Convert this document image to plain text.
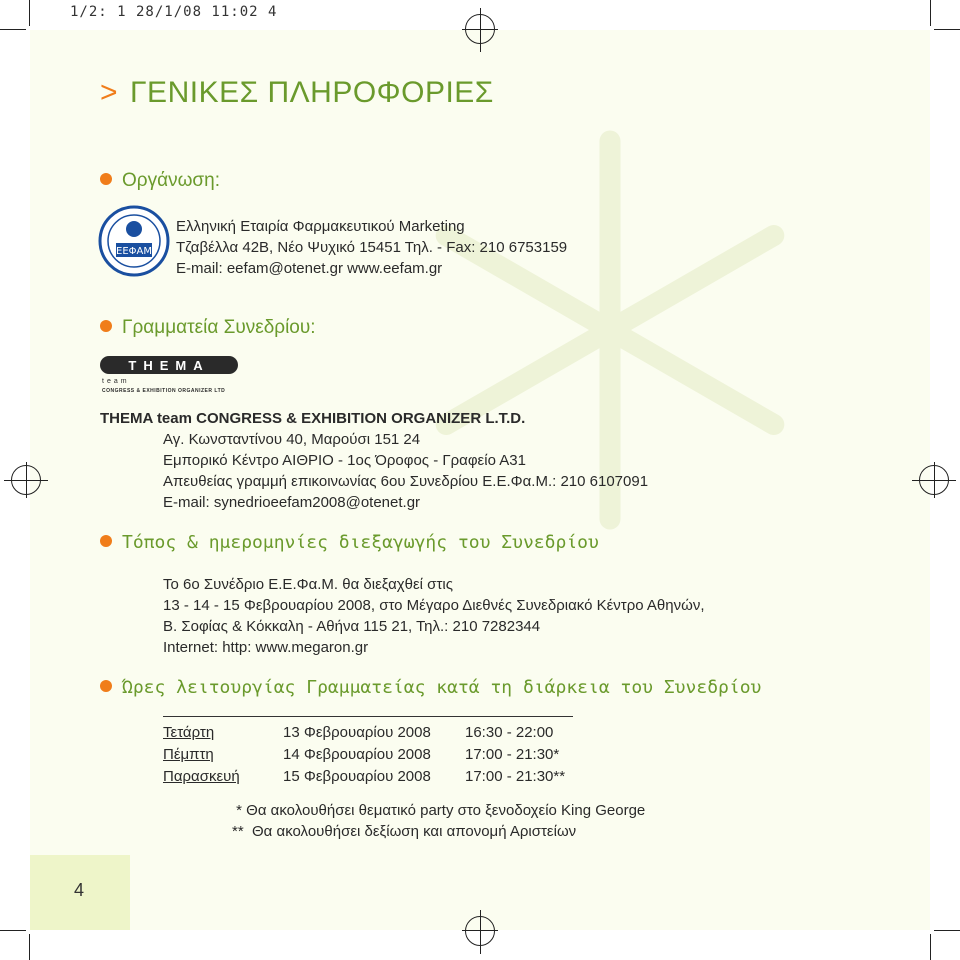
1/2: 1 28/1/08 11:02 4
> ΓΕΝΙΚΕΣ ΠΛΗΡΟΦΟΡΙΕΣ
Οργάνωση:
ΕΕΦΑΜ
Ελληνική Εταιρία Φαρμακευτικού Marketing
Τζαβέλλα 42Β, Νέο Ψυχικό 15451 Τηλ. - Fax: 210 6753159
E-mail: eefam@otenet.gr www.eefam.gr
Γραμματεία Συνεδρίου:
THEMA
team
CONGRESS & EXHIBITION ORGANIZER LTD
THEMA team CONGRESS & EXHIBITION ORGANIZER L.T.D.
Αγ. Κωνσταντίνου 40, Μαρούσι 151 24
Εμπορικό Κέντρο ΑΙΘΡΙΟ - 1ος Όροφος - Γραφείο Α31
Απευθείας γραμμή επικοινωνίας 6ου Συνεδρίου Ε.Ε.Φα.Μ.: 210 6107091
E-mail: synedrioeefam2008@otenet.gr
Τόπος & ημερομηνίες διεξαγωγής του Συνεδρίου
Το 6ο Συνέδριο Ε.Ε.Φα.Μ. θα διεξαχθεί στις
13 - 14 - 15 Φεβρουαρίου 2008, στο Μέγαρο Διεθνές Συνεδριακό Κέντρο Αθηνών,
Β. Σοφίας & Κόκκαλη - Αθήνα 115 21, Τηλ.: 210 7282344
Internet: http: www.megaron.gr
Ώρες λειτουργίας Γραμματείας κατά τη διάρκεια του Συνεδρίου
Τετάρτη	13 Φεβρουαρίου 2008	16:30 - 22:00
Πέμπτη	14 Φεβρουαρίου 2008	17:00 - 21:30*
Παρασκευή	15 Φεβρουαρίου 2008	17:00 - 21:30**
* Θα ακολουθήσει θεματικό party στο ξενοδοχείο King George
**  Θα ακολουθήσει δεξίωση και απονομή Αριστείων
4
